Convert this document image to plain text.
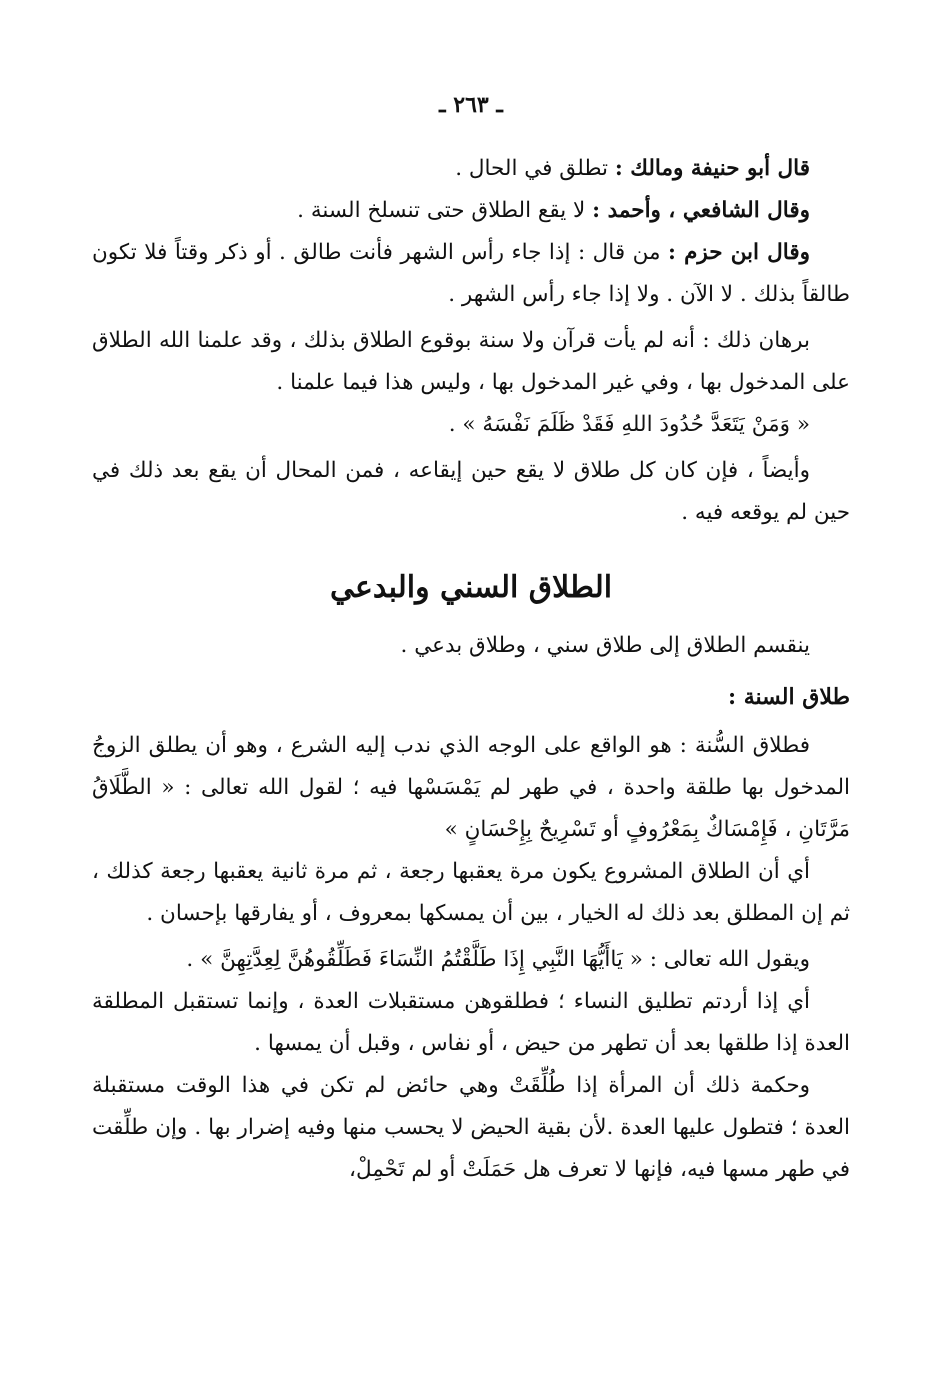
ـ ٢٦٣ ـ

قال أبو حنيفة ومالك : تطلق في الحال .

وقال الشافعي ، وأحمد : لا يقع الطلاق حتى تنسلخ السنة .

وقال ابن حزم : من قال : إذا جاء رأس الشهر فأنت طالق . أو ذكر وقتاً فلا تكون طالقاً بذلك . لا الآن . ولا إذا جاء رأس الشهر .

برهان ذلك : أنه لم يأت قرآن ولا سنة بوقوع الطلاق بذلك ، وقد علمنا الله الطلاق على المدخول بها ، وفي غير المدخول بها ، وليس هذا فيما علمنا .

« وَمَنْ يَتَعَدَّ حُدُودَ اللهِ فَقَدْ ظَلَمَ نَفْسَهُ » .

وأيضاً ، فإن كان كل طلاق لا يقع حين إيقاعه ، فمن المحال أن يقع بعد ذلك في حين لم يوقعه فيه .

الطلاق السني والبدعي

ينقسم الطلاق إلى طلاق سني ، وطلاق بدعي .

طلاق السنة :

فطلاق السُّنة : هو الواقع على الوجه الذي ندب إليه الشرع ، وهو أن يطلق الزوجُ المدخول بها طلقة واحدة ، في طهر لم يَمْسَسْها فيه ؛ لقول الله تعالى : « الطَّلَاقُ مَرَّتَانِ ، فَإِمْسَاكٌ بِمَعْرُوفٍ أو تَسْرِيحٌ بِإِحْسَانٍ »

أي أن الطلاق المشروع يكون مرة يعقبها رجعة ، ثم مرة ثانية يعقبها رجعة كذلك ، ثم إن المطلق بعد ذلك له الخيار ، بين أن يمسكها بمعروف ، أو يفارقها بإحسان .

ويقول الله تعالى : « يَاأَيُّهَا النَّبِي إِذَا طَلَّقْتُمُ النِّسَاءَ فَطَلِّقُوهُنَّ لِعِدَّتِهِنَّ » .

أي إذا أردتم تطليق النساء ؛ فطلقوهن مستقبلات العدة ، وإنما تستقبل المطلقة العدة إذا طلقها بعد أن تطهر من حيض ، أو نفاس ، وقبل أن يمسها .

وحكمة ذلك أن المرأة إذا طُلِّقَتْ وهي حائض لم تكن في هذا الوقت مستقبلة العدة ؛ فتطول عليها العدة .لأن بقية الحيض لا يحسب منها وفيه إضرار بها . وإن طلِّقت في طهر مسها فيه، فإنها لا تعرف هل حَمَلَتْ أو لم تَحْمِلْ،
